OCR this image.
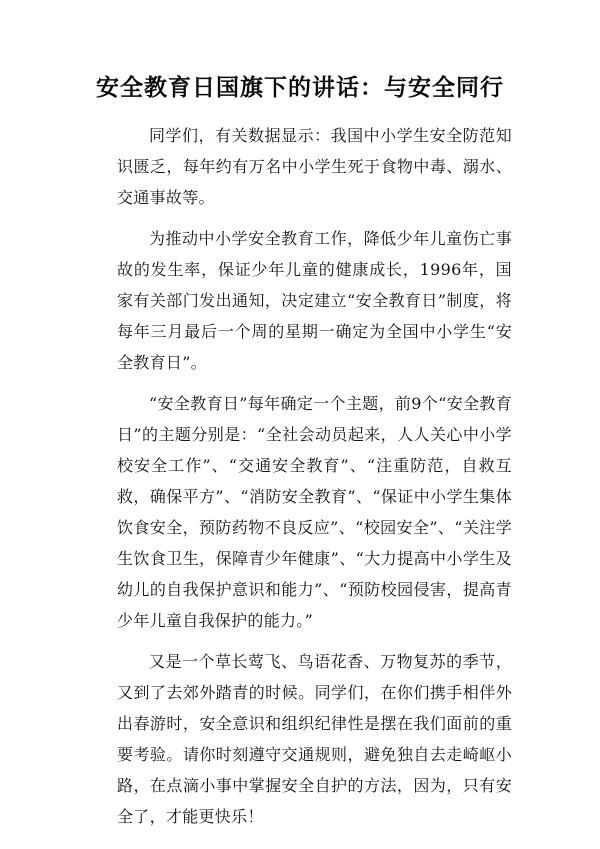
安全教育日国旗下的讲话：与安全同行

同学们，有关数据显示：我国中小学生安全防范知识匮乏，每年约有万名中小学生死于食物中毒、溺水、交通事故等。

为推动中小学安全教育工作，降低少年儿童伤亡事故的发生率，保证少年儿童的健康成长，1996年，国家有关部门发出通知，决定建立“安全教育日”制度，将每年三月最后一个周的星期一确定为全国中小学生“安全教育日”。

“安全教育日”每年确定一个主题，前9个“安全教育日”的主题分别是：“全社会动员起来，人人关心中小学校安全工作”、“交通安全教育”、“注重防范，自救互救，确保平方”、“消防安全教育”、“保证中小学生集体饮食安全，预防药物不良反应”、“校园安全”、“关注学生饮食卫生，保障青少年健康”、“大力提高中小学生及幼儿的自我保护意识和能力”、“预防校园侵害，提高青少年儿童自我保护的能力。”

又是一个草长莺飞、鸟语花香、万物复苏的季节，又到了去郊外踏青的时候。同学们，在你们携手相伴外出春游时，安全意识和组织纪律性是摆在我们面前的重要考验。请你时刻遵守交通规则，避免独自去走崎岖小路，在点滴小事中掌握安全自护的方法，因为，只有安全了，才能更快乐！
